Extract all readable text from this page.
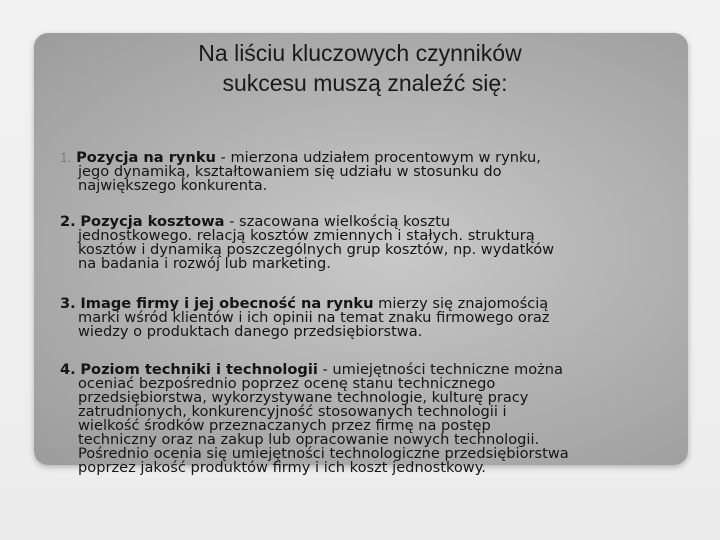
Na liściu kluczowych czynników
sukcesu muszą znaleźć się:

1. Pozycja na rynku - mierzona udziałem procentowym w rynku,
jego dynamiką, kształtowaniem się udziału w stosunku do
największego konkurenta.

2. Pozycja kosztowa - szacowana wielkością kosztu
jednostkowego. relacją kosztów zmiennych i stałych. strukturą
kosztów i dynamiką poszczególnych grup kosztów, np. wydatków
na badania i rozwój lub marketing.

3. Image firmy i jej obecność na rynku mierzy się znajomością
marki wśród klientów i ich opinii na temat znaku firmowego oraz
wiedzy o produktach danego przedsiębiorstwa.

4. Poziom techniki i technologii - umiejętności techniczne można
oceniać bezpośrednio poprzez ocenę stanu technicznego
przedsiębiorstwa, wykorzystywane technologie, kulturę pracy
zatrudnionych, konkurencyjność stosowanych technologii i
wielkość środków przeznaczanych przez firmę na postęp
techniczny oraz na zakup lub opracowanie nowych technologii.
Pośrednio ocenia się umiejętności technologiczne przedsiębiorstwa
poprzez jakość produktów firmy i ich koszt jednostkowy.
